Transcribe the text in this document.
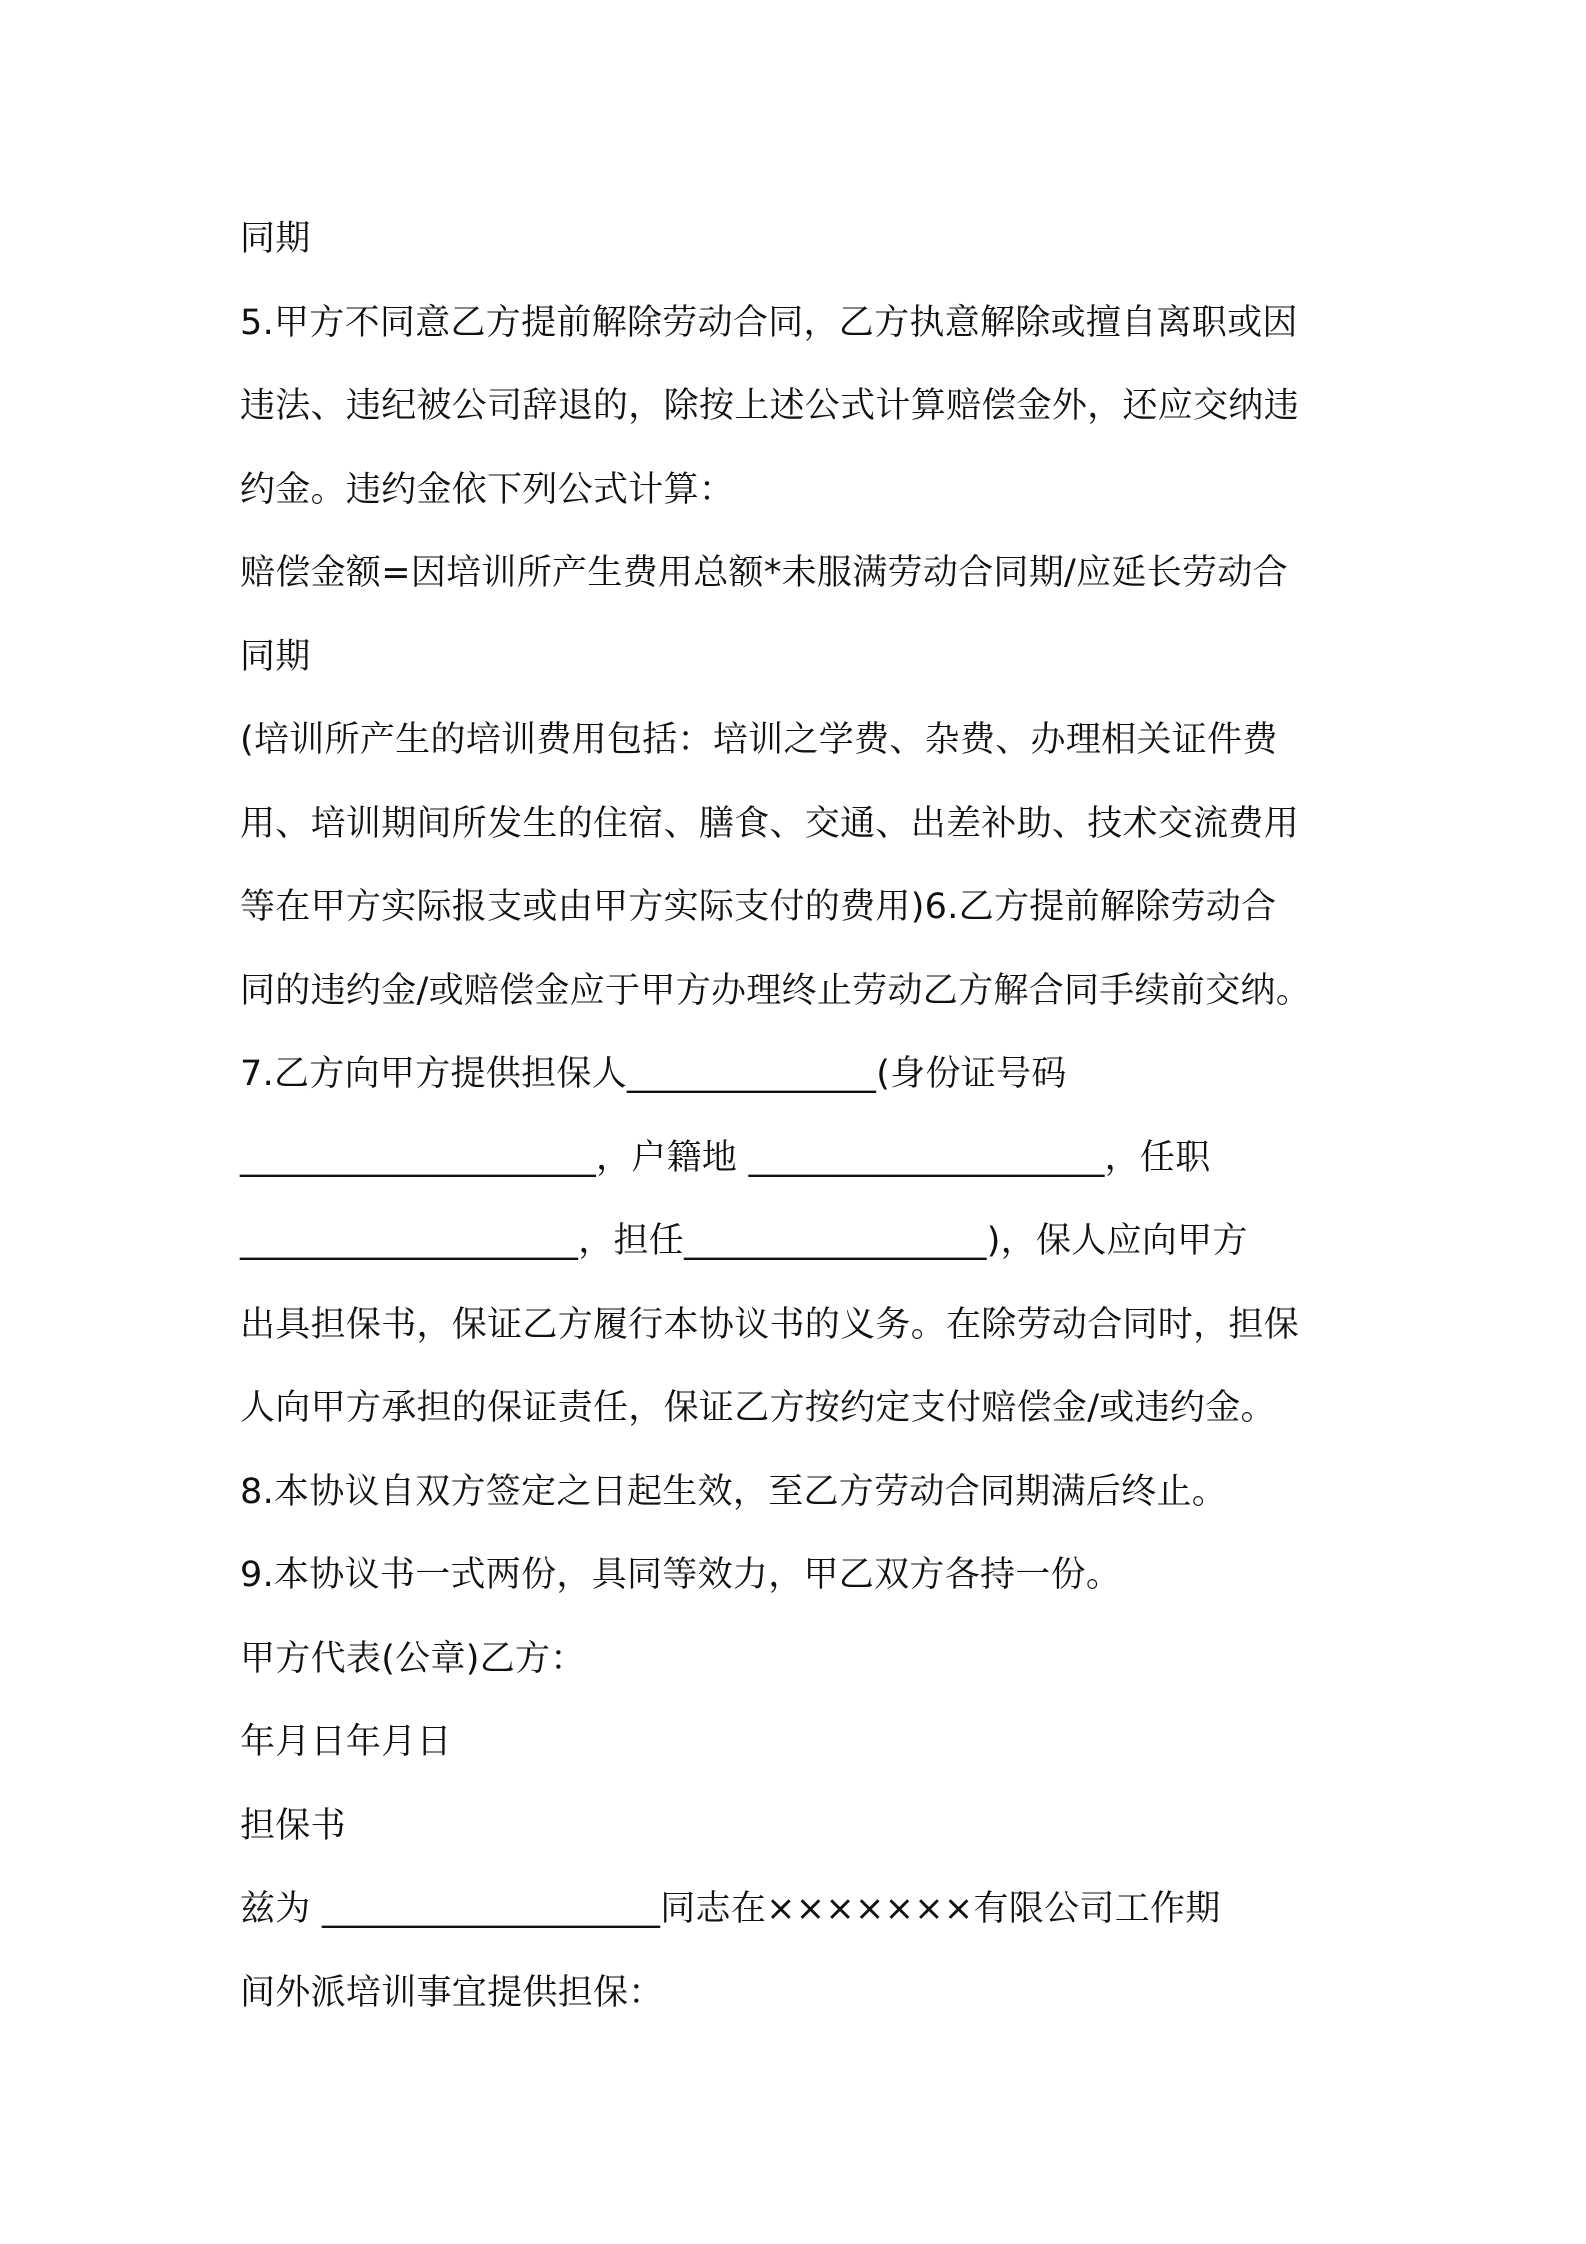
同期
5.甲方不同意乙方提前解除劳动合同，乙方执意解除或擅自离职或因
违法、违纪被公司辞退的，除按上述公式计算赔偿金外，还应交纳违
约金。违约金依下列公式计算：
赔偿金额=因培训所产生费用总额*未服满劳动合同期/应延长劳动合
同期
(培训所产生的培训费用包括：培训之学费、杂费、办理相关证件费
用、培训期间所发生的住宿、膳食、交通、出差补助、技术交流费用
等在甲方实际报支或由甲方实际支付的费用)6.乙方提前解除劳动合
同的违约金/或赔偿金应于甲方办理终止劳动乙方解合同手续前交纳。
7.乙方向甲方提供担保人______________(身份证号码
____________________，户籍地 ____________________，任职
___________________，担任_________________)，保人应向甲方
出具担保书，保证乙方履行本协议书的义务。在除劳动合同时，担保
人向甲方承担的保证责任，保证乙方按约定支付赔偿金/或违约金。
8.本协议自双方签定之日起生效，至乙方劳动合同期满后终止。
9.本协议书一式两份，具同等效力，甲乙双方各持一份。
甲方代表(公章)乙方：
年月日年月日
担保书
兹为 ___________________同志在×××××××有限公司工作期
间外派培训事宜提供担保：
